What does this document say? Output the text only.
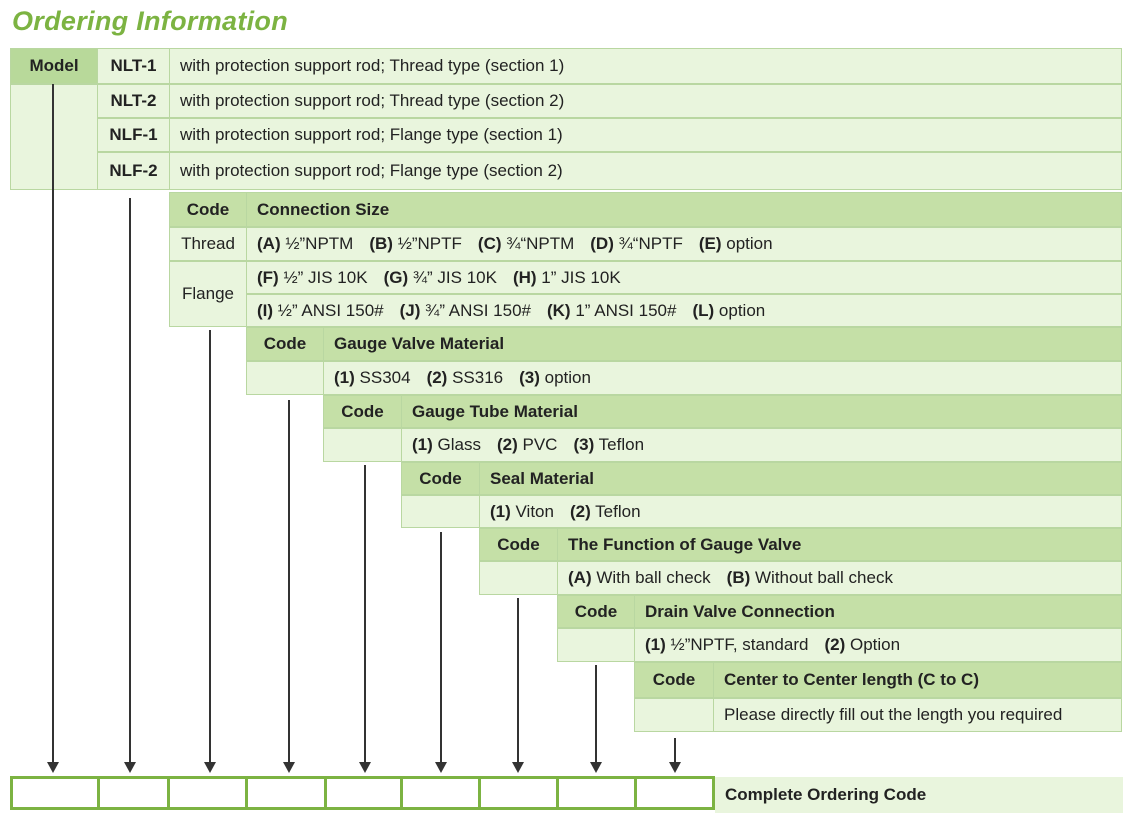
Ordering Information
Model	NLT-1	with protection support rod; Thread type (section 1)
NLT-2	with protection support rod; Thread type (section 2)
NLF-1	with protection support rod; Flange type (section 1)
NLF-2	with protection support rod; Flange type (section 2)
Code	Connection Size
Thread	(A) ½”NPTM (B) ½”NPTF (C) ¾“NPTM (D) ¾“NPTF (E) option
Flange
(F) ½” JIS 10K (G) ¾” JIS 10K (H) 1” JIS 10K
(I) ½” ANSI 150# (J) ¾” ANSI 150# (K) 1” ANSI 150# (L) option
Code	Gauge Valve Material
(1) SS304 (2) SS316 (3) option
Code	Gauge Tube Material
(1) Glass (2) PVC (3) Teflon
Code	Seal Material
(1) Viton (2) Teflon
Code	The Function of Gauge Valve
(A) With ball check (B) Without ball check
Code	Drain Valve Connection
(1) ½”NPTF, standard (2) Option
Code	Center to Center length (C to C)
Please directly fill out the length you required
Complete Ordering Code
